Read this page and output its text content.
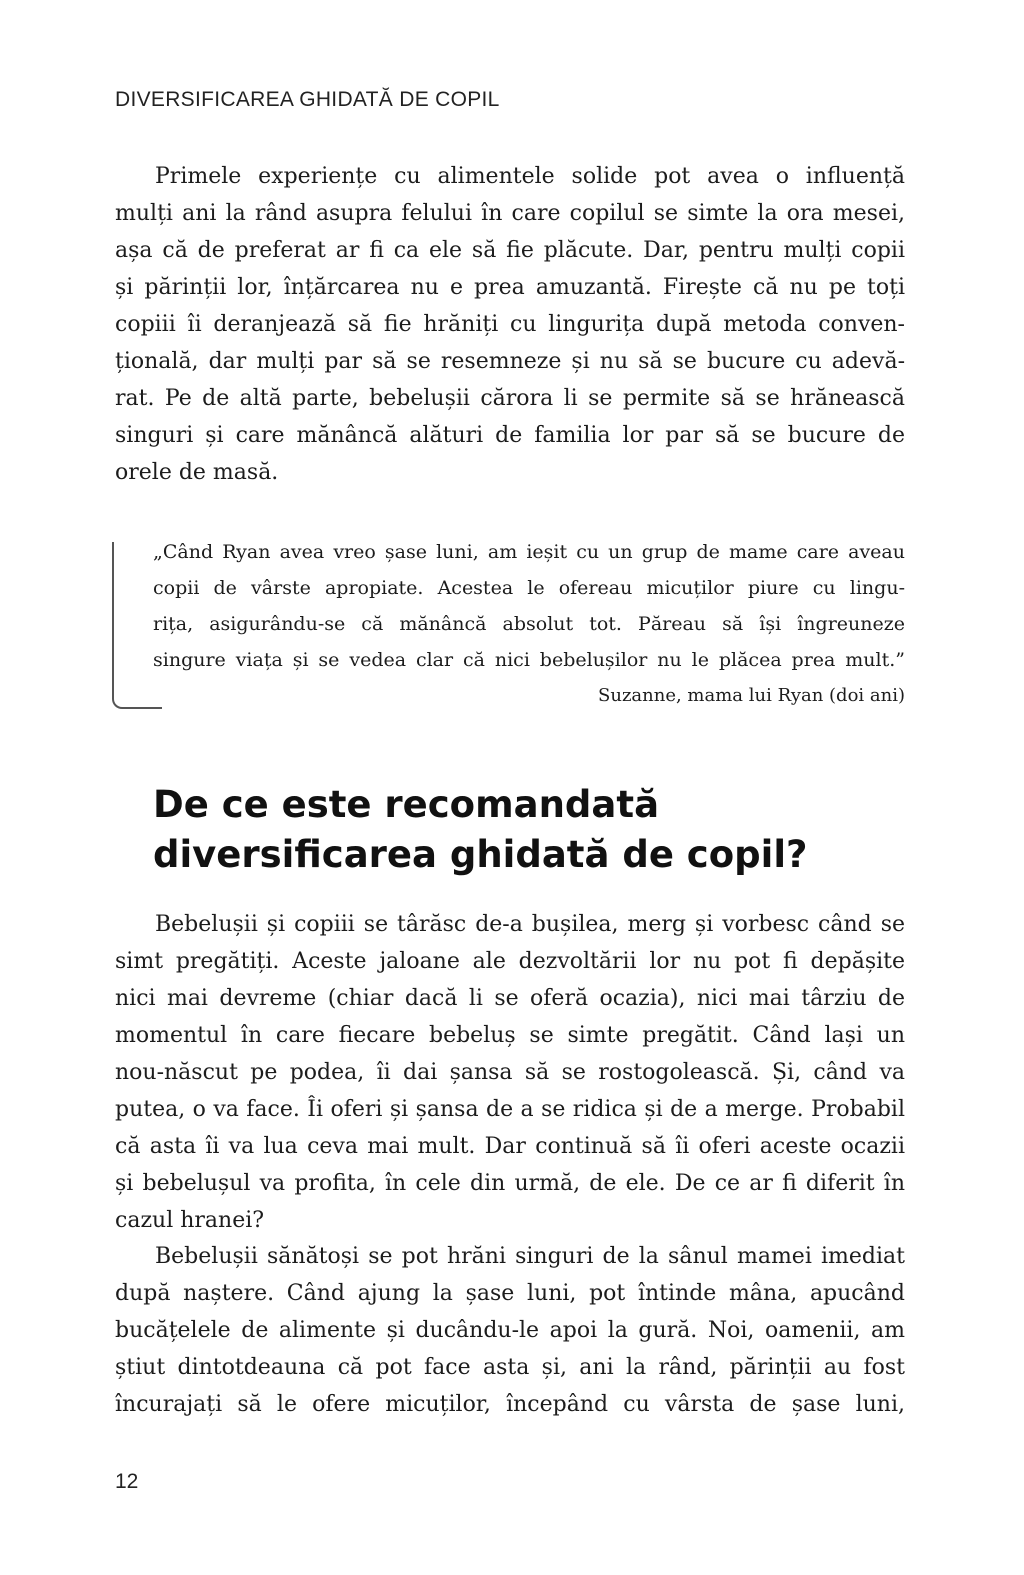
DIVERSIFICAREA GHIDATĂ DE COPIL
Primele experiențe cu alimentele solide pot avea o influență
mulți ani la rând asupra felului în care copilul se simte la ora mesei,
așa că de preferat ar fi ca ele să fie plăcute. Dar, pentru mulți copii
și părinții lor, înțărcarea nu e prea amuzantă. Firește că nu pe toți
copiii îi deranjează să fie hrăniți cu lingurița după metoda conven-
țională, dar mulți par să se resemneze și nu să se bucure cu adevă-
rat. Pe de altă parte, bebelușii cărora li se permite să se hrănească
singuri și care mănâncă alături de familia lor par să se bucure de
orele de masă.
„Când Ryan avea vreo șase luni, am ieșit cu un grup de mame care aveau
copii de vârste apropiate. Acestea le ofereau micuților piure cu lingu-
rița, asigurându-se că mănâncă absolut tot. Păreau să își îngreuneze
singure viața și se vedea clar că nici bebelușilor nu le plăcea prea mult.”
Suzanne, mama lui Ryan (doi ani)
De ce este recomandată
diversificarea ghidată de copil?
Bebelușii și copiii se târăsc de-a bușilea, merg și vorbesc când se
simt pregătiți. Aceste jaloane ale dezvoltării lor nu pot fi depășite
nici mai devreme (chiar dacă li se oferă ocazia), nici mai târziu de
momentul în care fiecare bebeluș se simte pregătit. Când lași un
nou-născut pe podea, îi dai șansa să se rostogolească. Și, când va
putea, o va face. Îi oferi și șansa de a se ridica și de a merge. Probabil
că asta îi va lua ceva mai mult. Dar continuă să îi oferi aceste ocazii
și bebelușul va profita, în cele din urmă, de ele. De ce ar fi diferit în
cazul hranei?
Bebelușii sănătoși se pot hrăni singuri de la sânul mamei imediat
după naștere. Când ajung la șase luni, pot întinde mâna, apucând
bucățelele de alimente și ducându-le apoi la gură. Noi, oamenii, am
știut dintotdeauna că pot face asta și, ani la rând, părinții au fost
încurajați să le ofere micuților, începând cu vârsta de șase luni,
12
